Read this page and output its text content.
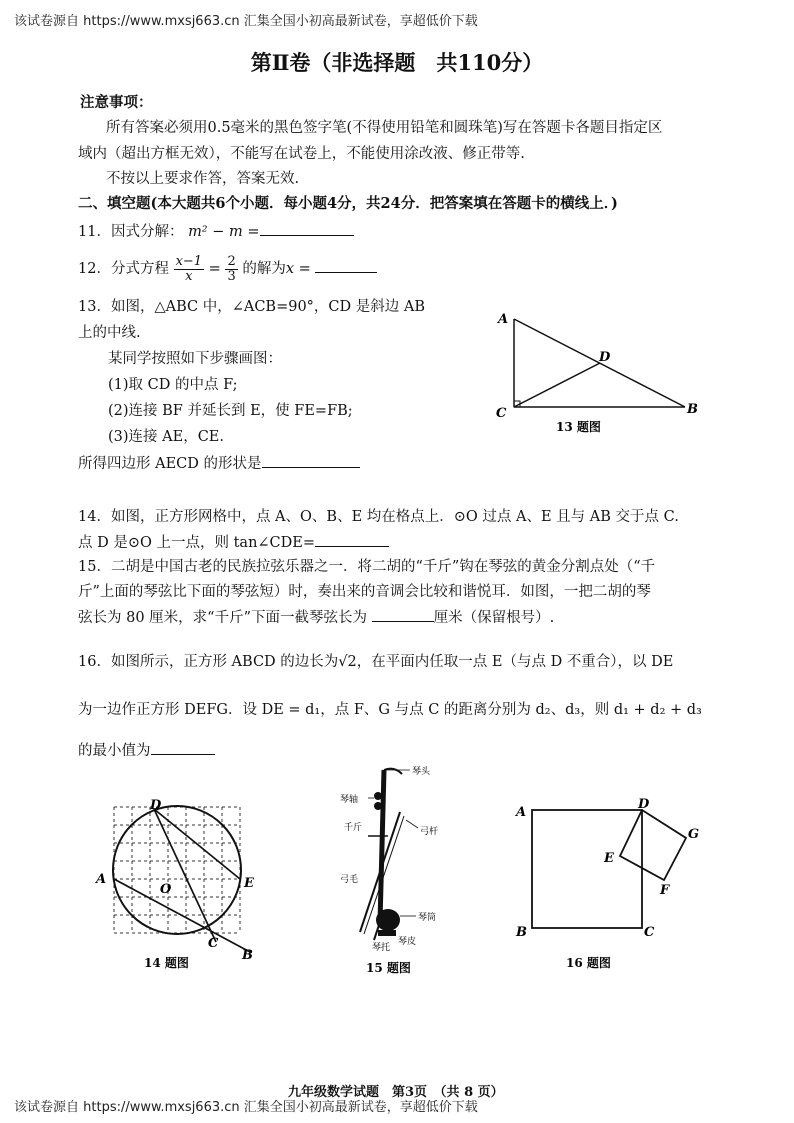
该试卷源自 https://www.mxsj663.cn 汇集全国小初高最新试卷，享超低价下载
第Ⅱ卷（非选择题　共110分）
注意事项：
所有答案必须用0.5毫米的黑色签字笔(不得使用铅笔和圆珠笔)写在答题卡各题目指定区
域内（超出方框无效），不能写在试卷上，不能使用涂改液、修正带等.
不按以上要求作答，答案无效.
二、填空题(本大题共6个小题．每小题4分，共24分．把答案填在答题卡的横线上．)
11．因式分解： m² − m =
12．分式方程 $\frac{x-1}{x} = \frac{2}{3}$ 的解为x =
13．如图，△ABC 中，∠ACB=90°，CD 是斜边 AB
上的中线.
某同学按照如下步骤画图：
(1)取 CD 的中点 F;
(2)连接 BF 并延长到 E，使 FE=FB;
(3)连接 AE，CE.
所得四边形 AECD 的形状是
A
D
C	B
13 题图
14．如图，正方形网格中，点 A、O、B、E 均在格点上．⊙O 过点 A、E 且与 AB 交于点 C.
点 D 是⊙O 上一点，则 tan∠CDE=
15．二胡是中国古老的民族拉弦乐器之一．将二胡的“千斤”钩在琴弦的黄金分割点处（“千
斤”上面的琴弦比下面的琴弦短）时，奏出来的音调会比较和谐悦耳．如图，一把二胡的琴
弦长为 80 厘米，求“千斤”下面一截琴弦长为	厘米（保留根号）.
16．如图所示，正方形 ABCD 的边长为√2，在平面内任取一点 E（与点 D 不重合），以 DE
为一边作正方形 DEFG．设 DE = d₁，点 F、G 与点 C 的距离分别为 d₂、d₃，则 d₁ + d₂ + d₃
的最小值为
D
A
O	E
C
B
14 题图
琴头
琴轴
千斤	弓杆
弓毛
琴筒
琴托
琴皮
15 题图
A
D
G
E
F
B	C
16 题图
该试卷源自 https://www.mxsj663.cn 汇集全国小初高最新试卷，享超低价下载
九年级数学试题　第3页　（共 8 页）
